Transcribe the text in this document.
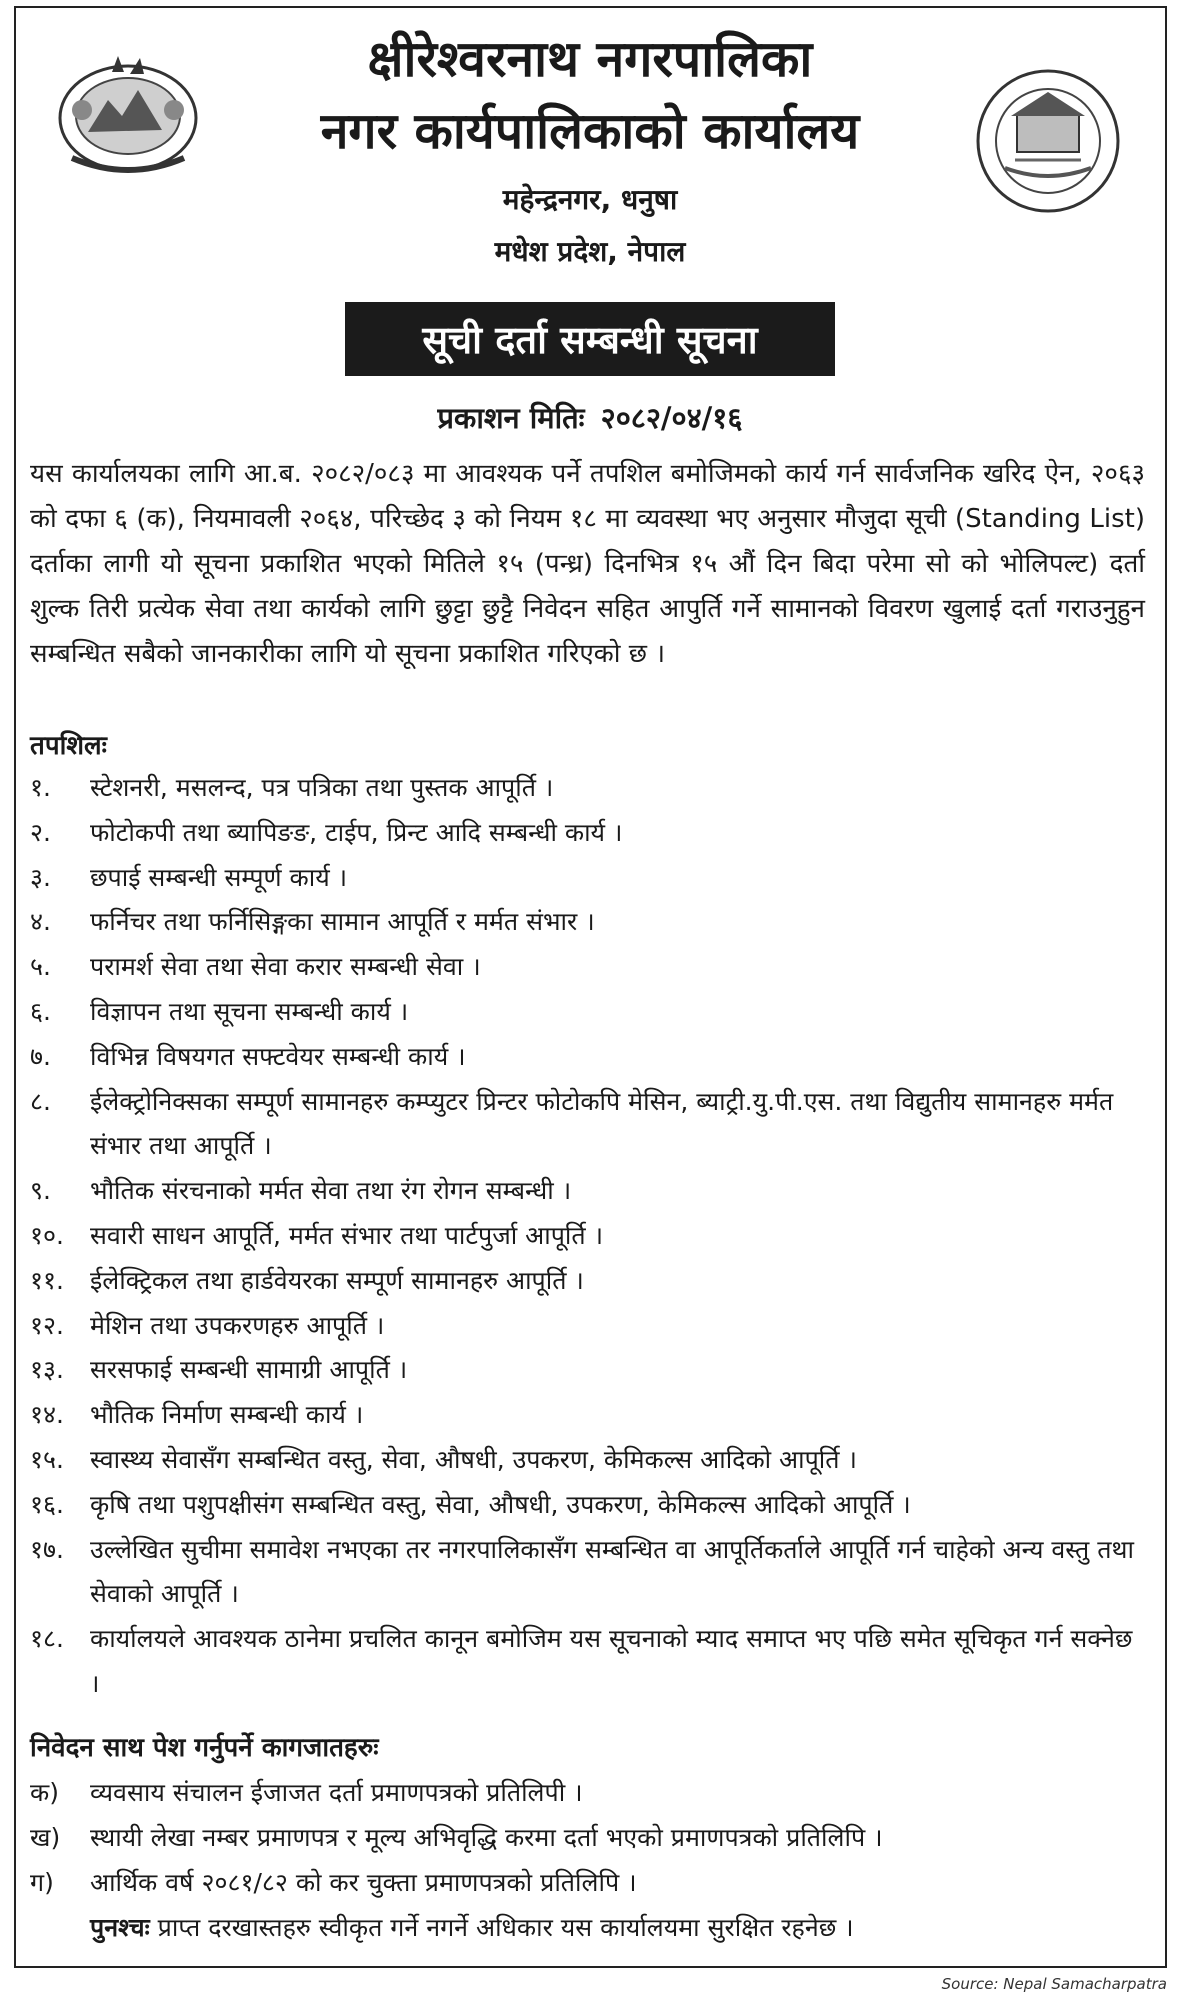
क्षीरेश्वरनाथ नगरपालिका
नगर कार्यपालिकाको कार्यालय
महेन्द्रनगर, धनुषा
मधेश प्रदेश, नेपाल
सूची दर्ता सम्बन्धी सूचना
प्रकाशन मितिः २०८२/०४/१६
यस कार्यालयका लागि आ.ब. २०८२/०८३ मा आवश्यक पर्ने तपशिल बमोजिमको कार्य गर्न सार्वजनिक खरिद ऐन, २०६३ को दफा ६ (क), नियमावली २०६४, परिच्छेद ३ को नियम १८ मा व्यवस्था भए अनुसार मौजुदा सूची (Standing List) दर्ताका लागी यो सूचना प्रकाशित भएको मितिले १५ (पन्ध्र) दिनभित्र १५ औं दिन बिदा परेमा सो को भोलिपल्ट) दर्ता शुल्क तिरी प्रत्येक सेवा तथा कार्यको लागि छुट्टा छुट्टै निवेदन सहित आपुर्ति गर्ने सामानको विवरण खुलाई दर्ता गराउनुहुन सम्बन्धित सबैको जानकारीका लागि यो सूचना प्रकाशित गरिएको छ ।
तपशिलः
१.	स्टेशनरी, मसलन्द, पत्र पत्रिका तथा पुस्तक आपूर्ति ।
२.	फोटोकपी तथा ब्यापिङङ, टाईप, प्रिन्ट आदि सम्बन्धी कार्य ।
३.	छपाई सम्बन्धी सम्पूर्ण कार्य ।
४.	फर्निचर तथा फर्निसिङ्गका सामान आपूर्ति र मर्मत संभार ।
५.	परामर्श सेवा तथा सेवा करार सम्बन्धी सेवा ।
६.	विज्ञापन तथा सूचना सम्बन्धी कार्य ।
७.	विभिन्न विषयगत सफ्टवेयर सम्बन्धी कार्य ।
८.	ईलेक्ट्रोनिक्सका सम्पूर्ण सामानहरु कम्प्युटर प्रिन्टर फोटोकपि मेसिन, ब्याट्री.यु.पी.एस. तथा विद्युतीय सामानहरु मर्मत संभार तथा आपूर्ति ।
९.	भौतिक संरचनाको मर्मत सेवा तथा रंग रोगन सम्बन्धी ।
१०.	सवारी साधन आपूर्ति, मर्मत संभार तथा पार्टपुर्जा आपूर्ति ।
११.	ईलेक्ट्रिकल तथा हार्डवेयरका सम्पूर्ण सामानहरु आपूर्ति ।
१२.	मेशिन तथा उपकरणहरु आपूर्ति ।
१३.	सरसफाई सम्बन्धी सामाग्री आपूर्ति ।
१४.	भौतिक निर्माण सम्बन्धी कार्य ।
१५.	स्वास्थ्य सेवासँग सम्बन्धित वस्तु, सेवा, औषधी, उपकरण, केमिकल्स आदिको आपूर्ति ।
१६.	कृषि तथा पशुपक्षीसंग सम्बन्धित वस्तु, सेवा, औषधी, उपकरण, केमिकल्स आदिको आपूर्ति ।
१७.	उल्लेखित सुचीमा समावेश नभएका तर नगरपालिकासँग सम्बन्धित वा आपूर्तिकर्ताले आपूर्ति गर्न चाहेको अन्य वस्तु तथा सेवाको आपूर्ति ।
१८.	कार्यालयले आवश्यक ठानेमा प्रचलित कानून बमोजिम यस सूचनाको म्याद समाप्त भए पछि समेत सूचिकृत गर्न सक्नेछ ।
निवेदन साथ पेश गर्नुपर्ने कागजातहरुः
क)	व्यवसाय संचालन ईजाजत दर्ता प्रमाणपत्रको प्रतिलिपी ।
ख)	स्थायी लेखा नम्बर प्रमाणपत्र र मूल्य अभिवृद्धि करमा दर्ता भएको प्रमाणपत्रको प्रतिलिपि ।
ग)	आर्थिक वर्ष २०८१/८२ को कर चुक्ता प्रमाणपत्रको प्रतिलिपि ।
पुनश्चः प्राप्त दरखास्तहरु स्वीकृत गर्ने नगर्ने अधिकार यस कार्यालयमा सुरक्षित रहनेछ ।
Source: Nepal Samacharpatra
